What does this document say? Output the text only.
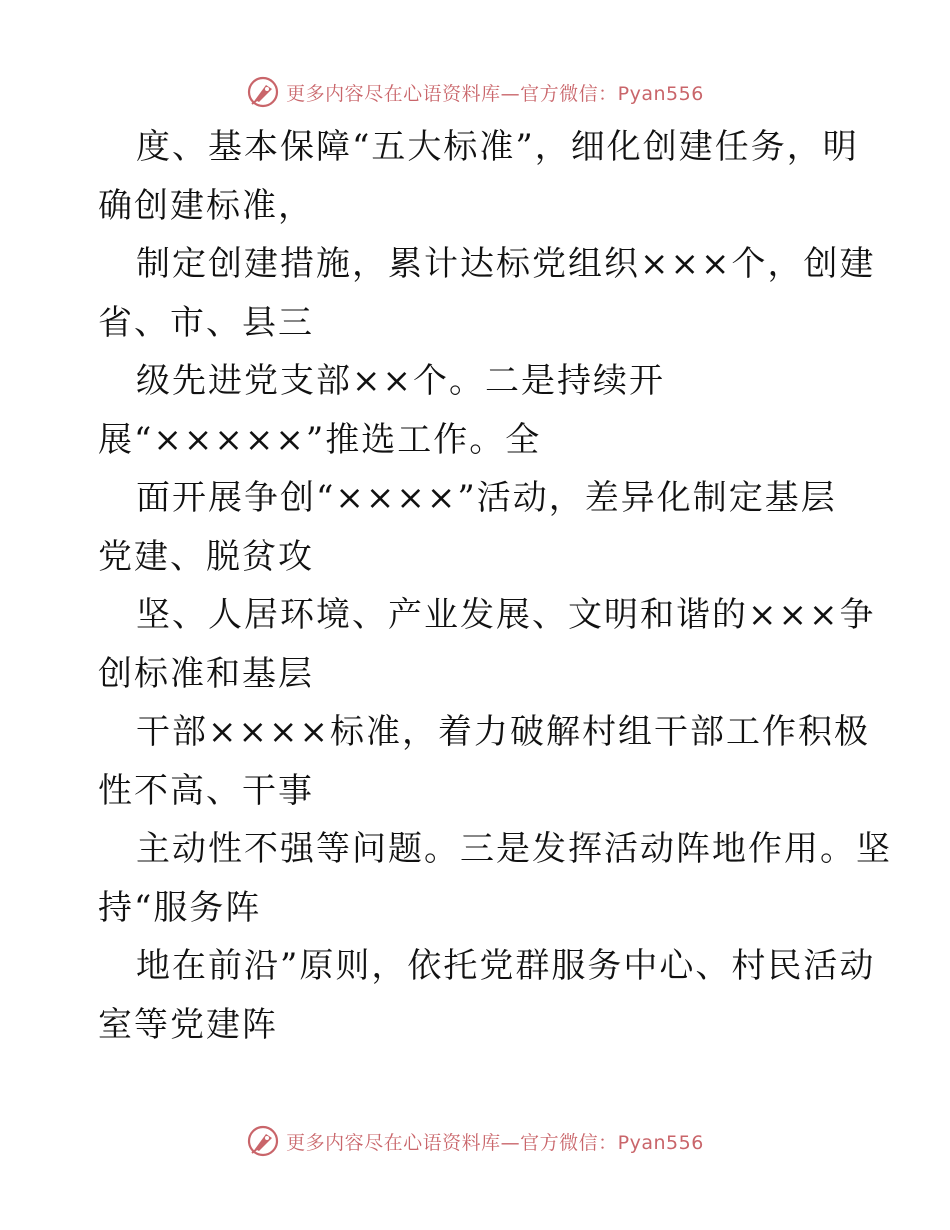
更多内容尽在心语资料库—官方微信：Pyan556
度、基本保障“五大标准”，细化创建任务，明
确创建标准，
制定创建措施，累计达标党组织×××个，创建
省、市、县三
级先进党支部××个。二是持续开
展“×××××”推选工作。全
面开展争创“××××”活动，差异化制定基层
党建、脱贫攻
坚、人居环境、产业发展、文明和谐的×××争
创标准和基层
干部××××标准，着力破解村组干部工作积极
性不高、干事
主动性不强等问题。三是发挥活动阵地作用。坚
持“服务阵
地在前沿”原则，依托党群服务中心、村民活动
室等党建阵
更多内容尽在心语资料库—官方微信：Pyan556
